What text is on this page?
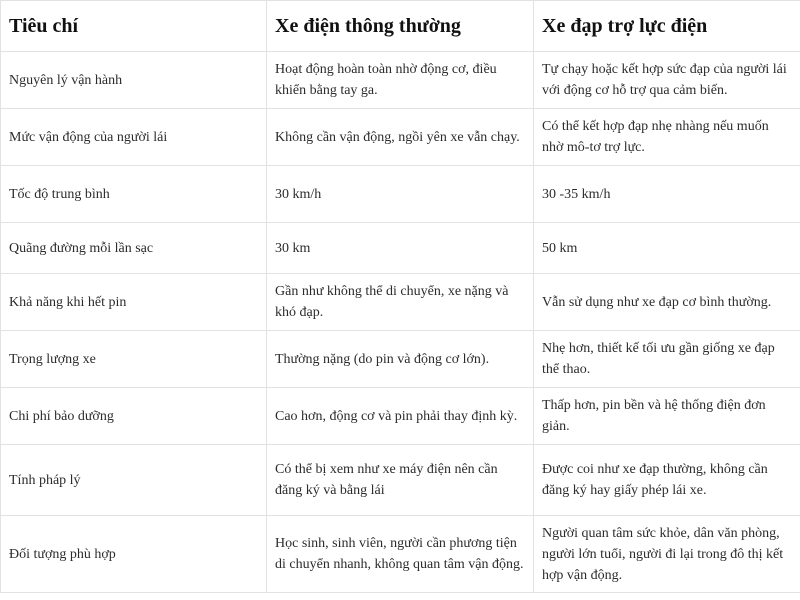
Tiêu chí	Xe điện thông thường	Xe đạp trợ lực điện
Nguyên lý vận hành	Hoạt động hoàn toàn nhờ động cơ, điều khiển bằng tay ga.	Tự chạy hoặc kết hợp sức đạp của người lái với động cơ hỗ trợ qua cảm biến.
Mức vận động của người lái	Không cần vận động, ngồi yên xe vẫn chạy.	Có thể kết hợp đạp nhẹ nhàng nếu muốn nhờ mô-tơ trợ lực.
Tốc độ trung bình	30 km/h	30 -35 km/h
Quãng đường mỗi lần sạc	30 km	50 km
Khả năng khi hết pin	Gần như không thể di chuyển, xe nặng và khó đạp.	Vẫn sử dụng như xe đạp cơ bình thường.
Trọng lượng xe	Thường nặng (do pin và động cơ lớn).	Nhẹ hơn, thiết kế tối ưu gần giống xe đạp thể thao.
Chi phí bảo dưỡng	Cao hơn, động cơ và pin phải thay định kỳ.	Thấp hơn, pin bền và hệ thống điện đơn giản.
Tính pháp lý	Có thể bị xem như xe máy điện nên cần đăng ký và bằng lái	Được coi như xe đạp thường, không cần đăng ký hay giấy phép lái xe.
Đối tượng phù hợp	Học sinh, sinh viên, người cần phương tiện di chuyển nhanh, không quan tâm vận động.	Người quan tâm sức khỏe, dân văn phòng, người lớn tuổi, người đi lại trong đô thị kết hợp vận động.
